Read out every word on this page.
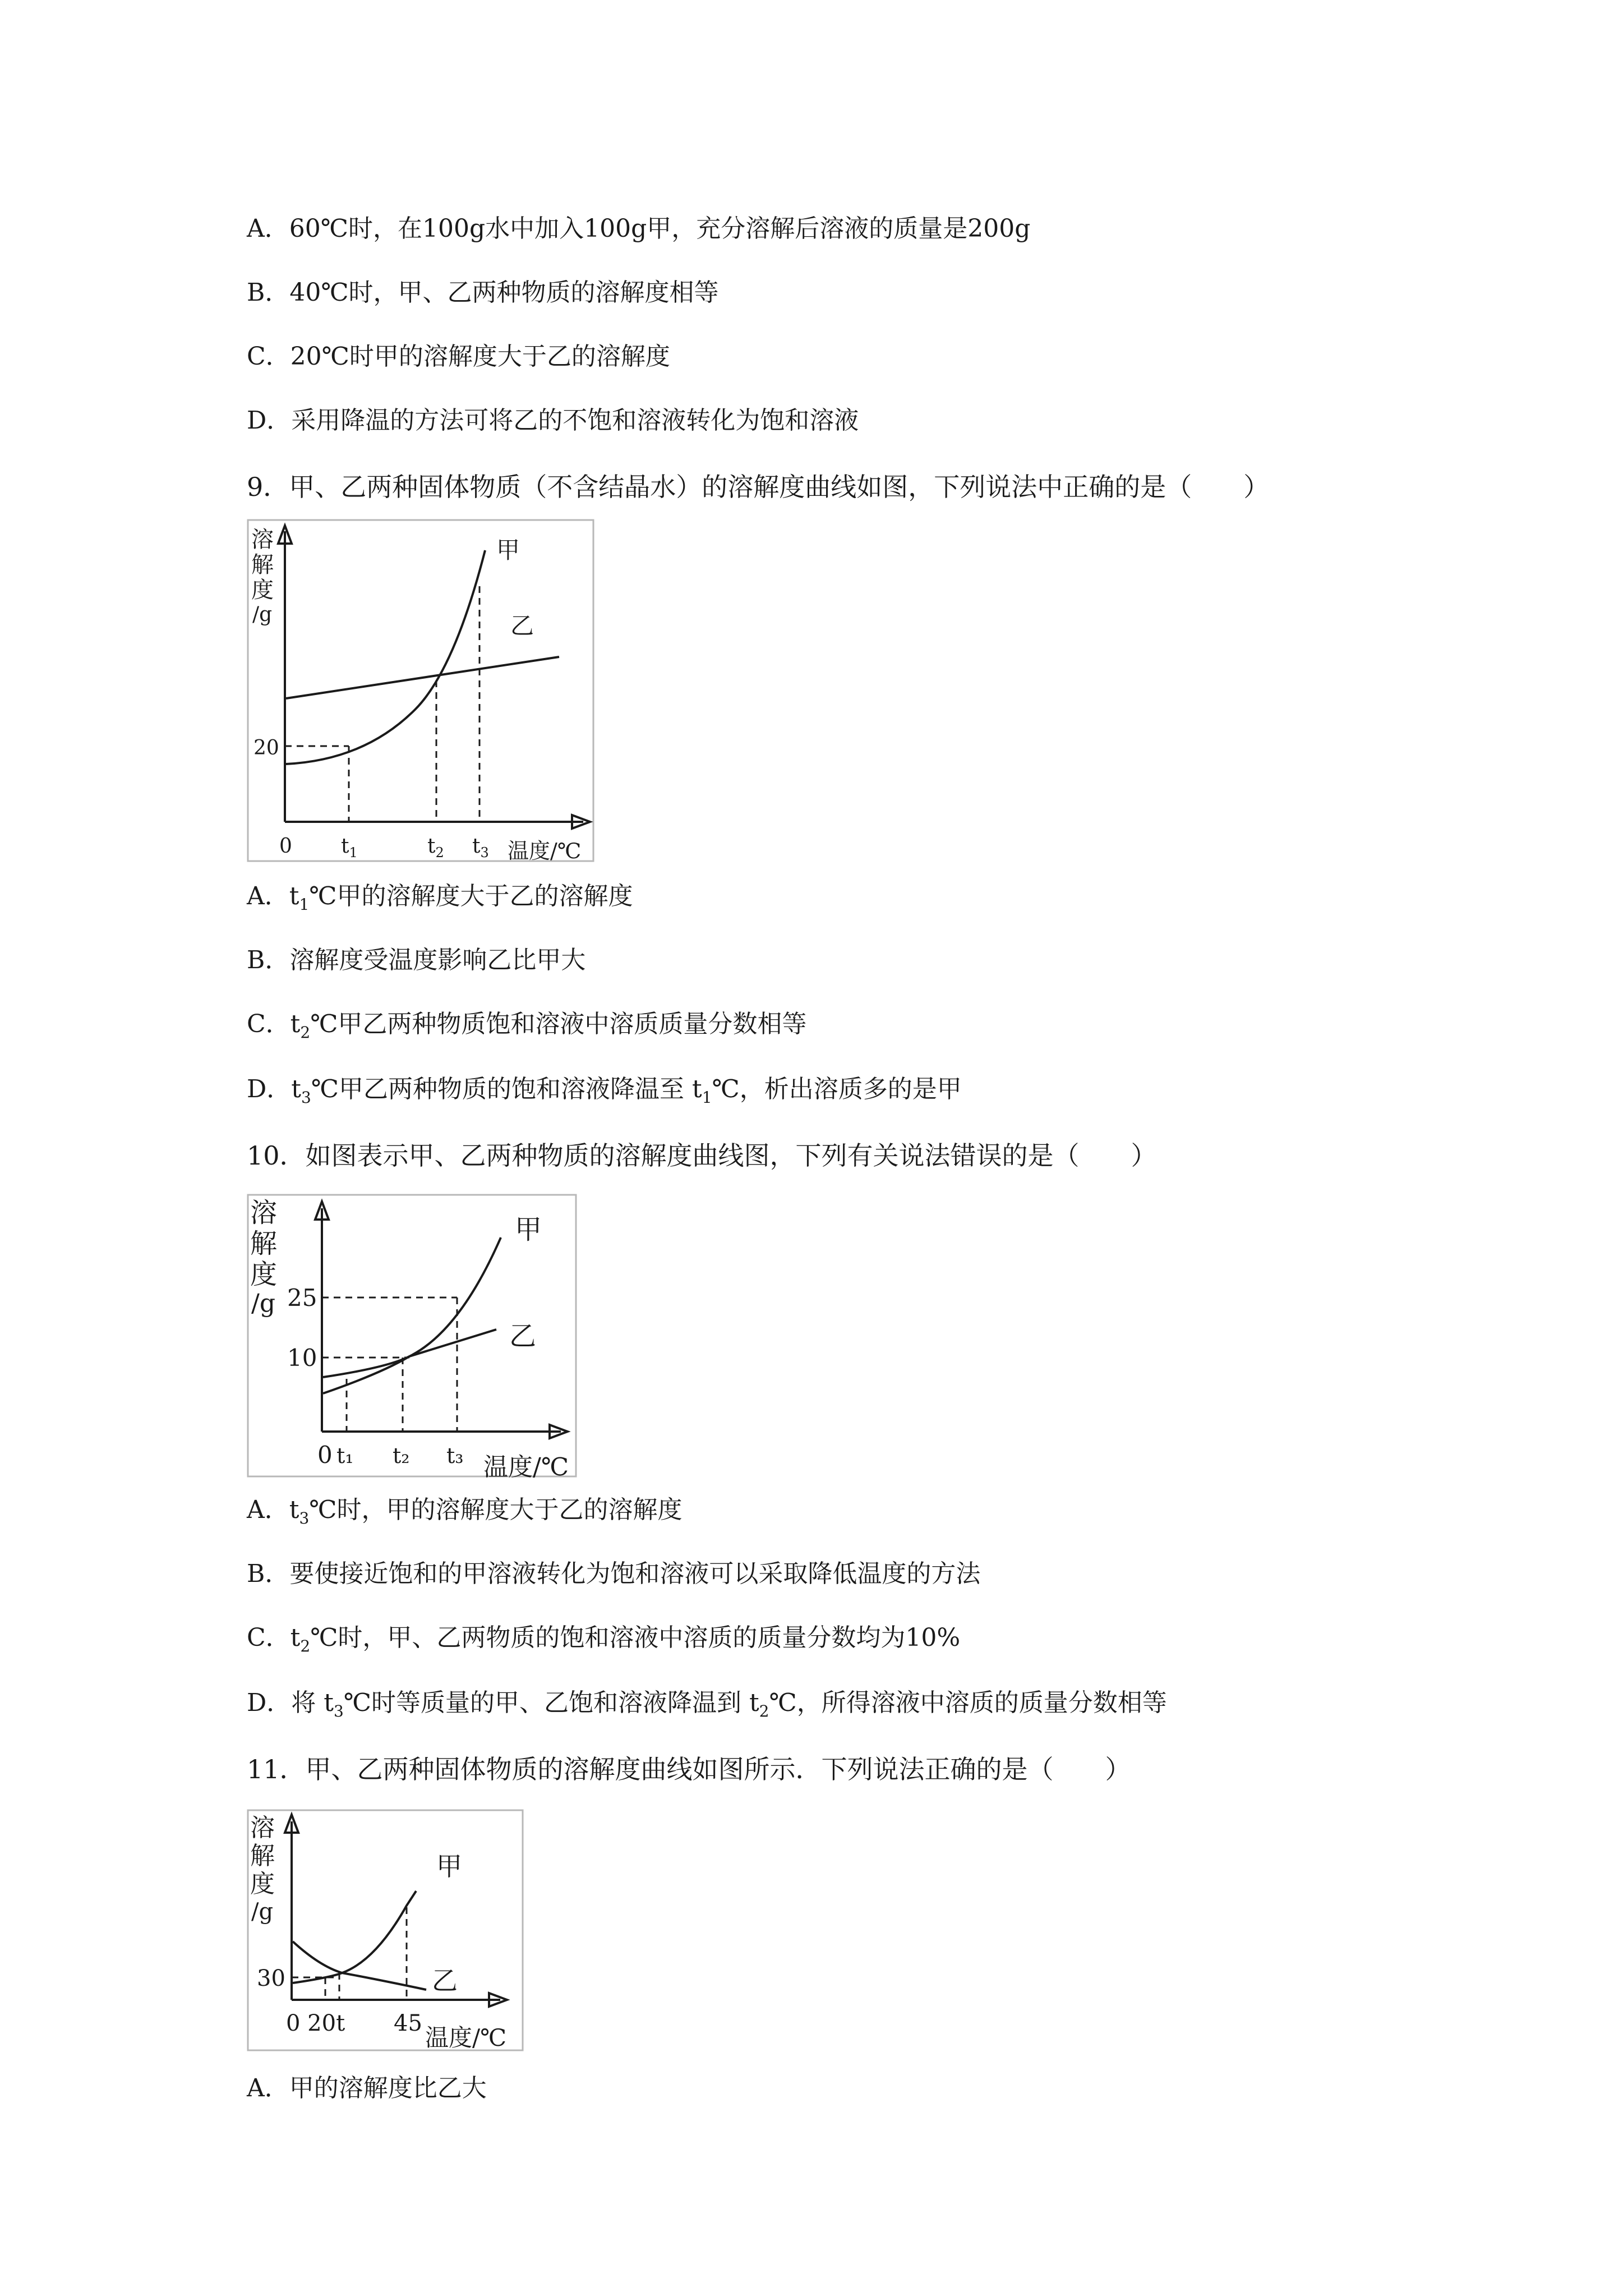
A．60℃时，在100g水中加入100g甲，充分溶解后溶液的质量是200g
B．40℃时，甲、乙两种物质的溶解度相等
C．20℃时甲的溶解度大于乙的溶解度
D．采用降温的方法可将乙的不饱和溶液转化为饱和溶液
9．甲、乙两种固体物质（不含结晶水）的溶解度曲线如图，下列说法中正确的是（　　）
溶
解
度
/g
甲
乙
20
0 $t_1$	$t_2$ $t_3$ 温度/℃
A．$t_1℃$甲的溶解度大于乙的溶解度
B．溶解度受温度影响乙比甲大
C．$t_2℃$甲乙两种物质饱和溶液中溶质质量分数相等
D．$t_3℃$甲乙两种物质的饱和溶液降温至 $t_1℃$，析出溶质多的是甲
10．如图表示甲、乙两种物质的溶解度曲线图，下列有关说法错误的是（　　）
溶
解
度
/g
甲
乙
25
10
0 t₁ t₂ t₃ 温度/℃
A．$t_3℃$时，甲的溶解度大于乙的溶解度
B．要使接近饱和的甲溶液转化为饱和溶液可以采取降低温度的方法
C．$t_2℃$时，甲、乙两物质的饱和溶液中溶质的质量分数均为10%
D．将 $t_3℃$时等质量的甲、乙饱和溶液降温到 $t_2℃$，所得溶液中溶质的质量分数相等
11．甲、乙两种固体物质的溶解度曲线如图所示．下列说法正确的是（　　）
溶
解
度
/g
甲
乙
30
0 20t 45
温度/℃
A．甲的溶解度比乙大
